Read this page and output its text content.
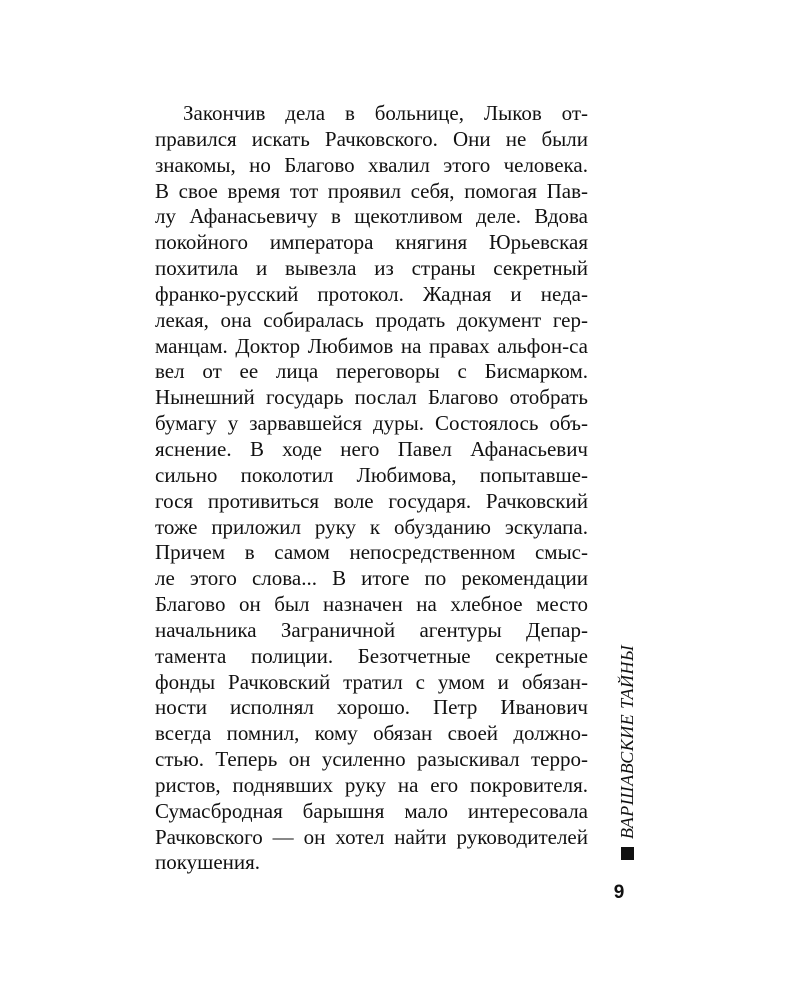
Закончив дела в больнице, Лыков от-
правился искать Рачковского. Они не были
знакомы, но Благово хвалил этого человека.
В свое время тот проявил себя, помогая Пав-
лу Афанасьевичу в щекотливом деле. Вдова
покойного императора княгиня Юрьевская
похитила и вывезла из страны секретный
франко-русский протокол. Жадная и неда-
лекая, она собиралась продать документ гер-
манцам. Доктор Любимов на правах альфон-са
вел от ее лица переговоры с Бисмарком.
Нынешний государь послал Благово отобрать
бумагу у зарвавшейся дуры. Состоялось объ-
яснение. В ходе него Павел Афанасьевич
сильно поколотил Любимова, попытавше-
гося противиться воле государя. Рачковский
тоже приложил руку к обузданию эскулапа.
Причем в самом непосредственном смыс-
ле этого слова... В итоге по рекомендации
Благово он был назначен на хлебное место
начальника Заграничной агентуры Депар-
тамента полиции. Безотчетные секретные
фонды Рачковский тратил с умом и обязан-
ности исполнял хорошо. Петр Иванович
всегда помнил, кому обязан своей должно-
стью. Теперь он усиленно разыскивал терро-
ристов, поднявших руку на его покровителя.
Сумасбродная барышня мало интересовала
Рачковского — он хотел найти руководителей
покушения.
ВАРШАВСКИЕ ТАЙНЫ
9
